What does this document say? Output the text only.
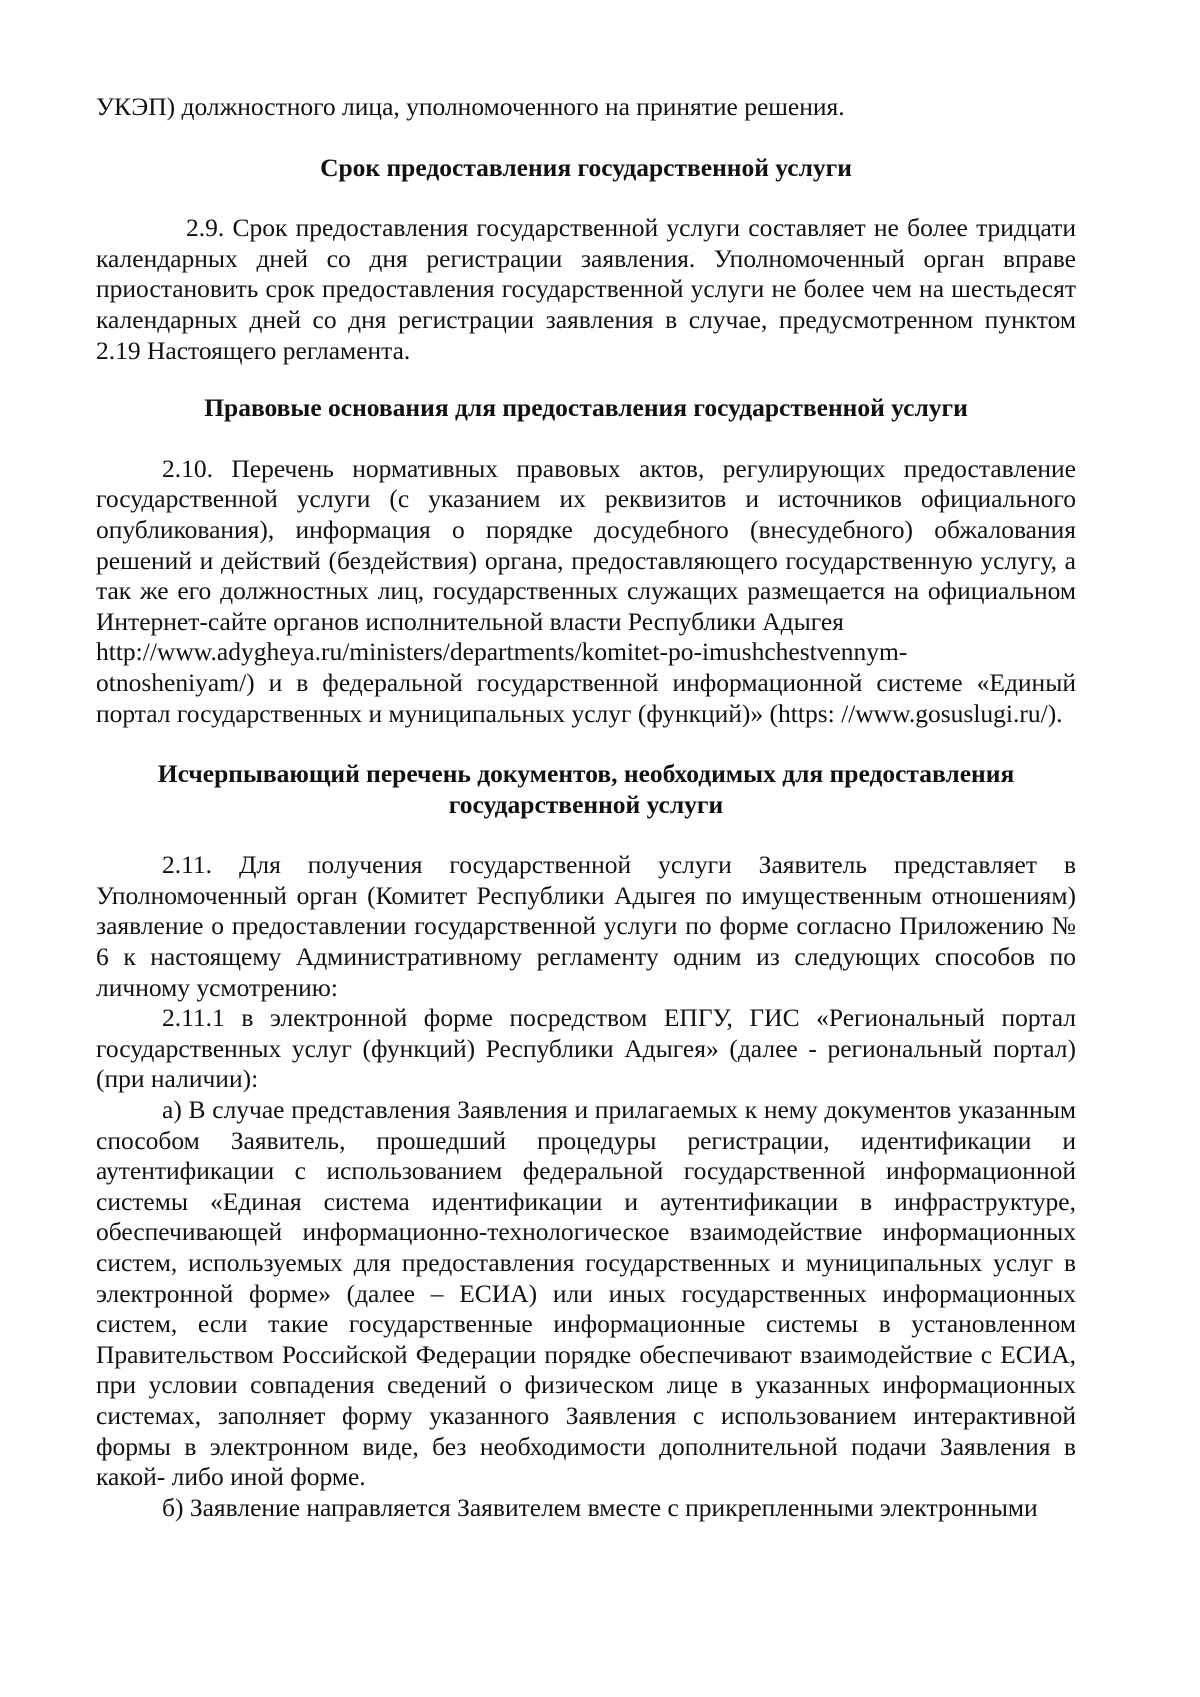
УКЭП) должностного лица, уполномоченного на принятие решения.

Срок предоставления государственной услуги

2.9. Срок предоставления государственной услуги составляет не более тридцати календарных дней со дня регистрации заявления. Уполномоченный орган вправе приостановить срок предоставления государственной услуги не более чем на шестьдесят календарных дней со дня регистрации заявления в случае, предусмотренном пунктом 2.19 Настоящего регламента.

Правовые основания для предоставления государственной услуги

2.10. Перечень нормативных правовых актов, регулирующих предоставление государственной услуги (с указанием их реквизитов и источников официального опубликования), информация о порядке досудебного (внесудебного) обжалования решений и действий (бездействия) органа, предоставляющего государственную услугу, а так же его должностных лиц, государственных служащих размещается на официальном Интернет-сайте органов исполнительной власти Республики Адыгея

http://www.adygheya.ru/ministers/departments/komitet-po-imushchestvennym-

otnosheniyam/) и в федеральной государственной информационной системе «Единый портал государственных и муниципальных услуг (функций)» (https: //www.gosuslugi.ru/).

Исчерпывающий перечень документов, необходимых для предоставления

государственной услуги

2.11. Для получения государственной услуги Заявитель представляет в Уполномоченный орган (Комитет Республики Адыгея по имущественным отношениям) заявление о предоставлении государственной услуги по форме согласно Приложению № 6 к настоящему Административному регламенту одним из следующих способов по личному усмотрению:

2.11.1 в электронной форме посредством ЕПГУ, ГИС «Региональный портал государственных услуг (функций) Республики Адыгея» (далее - региональный портал) (при наличии):

а) В случае представления Заявления и прилагаемых к нему документов указанным способом Заявитель, прошедший процедуры регистрации, идентификации и аутентификации с использованием федеральной государственной информационной системы «Единая система идентификации и аутентификации в инфраструктуре, обеспечивающей информационно-технологическое взаимодействие информационных систем, используемых для предоставления государственных и муниципальных услуг в электронной форме» (далее – ЕСИА) или иных государственных информационных систем, если такие государственные информационные системы в установленном Правительством Российской Федерации порядке обеспечивают взаимодействие с ЕСИА, при условии совпадения сведений о физическом лице в указанных информационных системах, заполняет форму указанного Заявления с использованием интерактивной формы в электронном виде, без необходимости дополнительной подачи Заявления в какой- либо иной форме.

б) Заявление направляется Заявителем вместе с прикрепленными электронными
